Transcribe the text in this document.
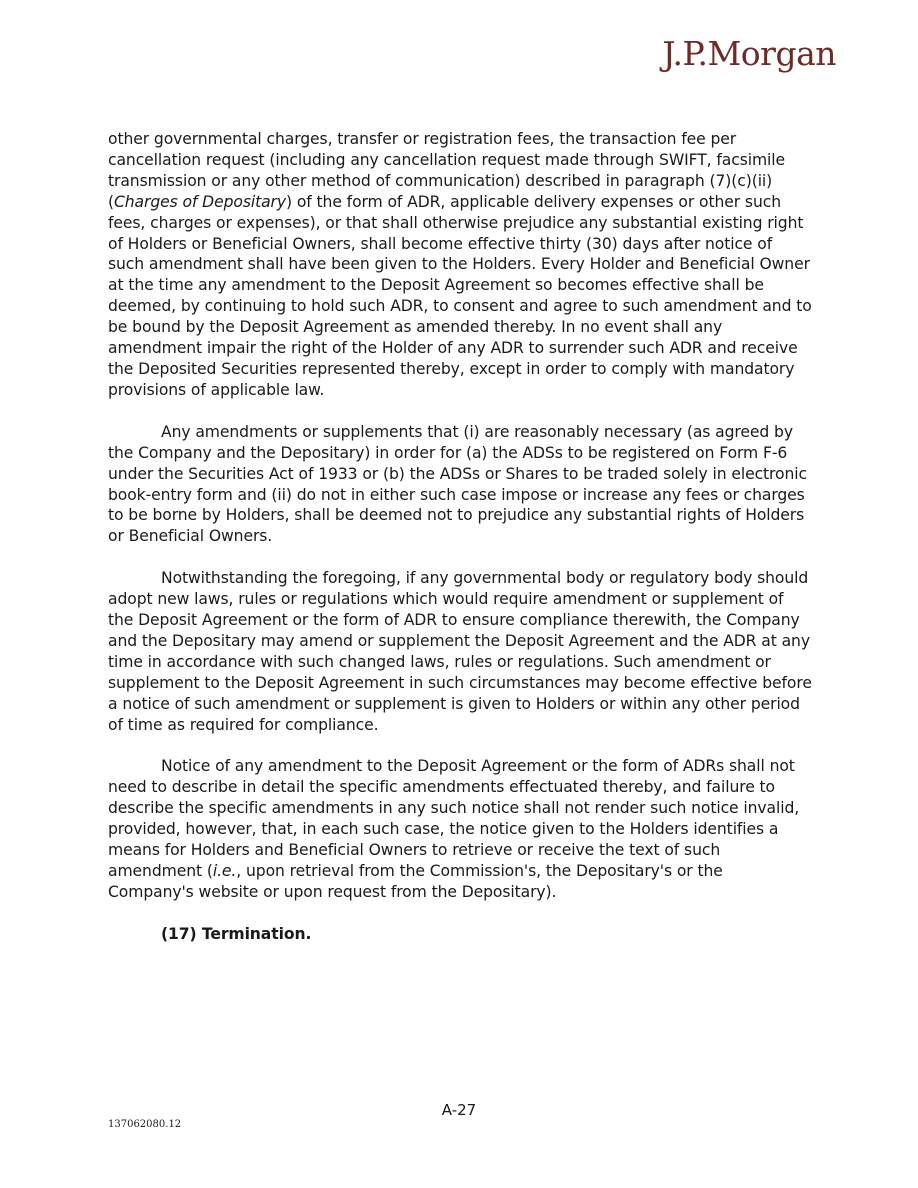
J.P.Morgan

other governmental charges, transfer or registration fees, the transaction fee per cancellation request (including any cancellation request made through SWIFT, facsimile transmission or any other method of communication) described in paragraph (7)(c)(ii) (Charges of Depositary) of the form of ADR, applicable delivery expenses or other such fees, charges or expenses), or that shall otherwise prejudice any substantial existing right of Holders or Beneficial Owners, shall become effective thirty (30) days after notice of such amendment shall have been given to the Holders. Every Holder and Beneficial Owner at the time any amendment to the Deposit Agreement so becomes effective shall be deemed, by continuing to hold such ADR, to consent and agree to such amendment and to be bound by the Deposit Agreement as amended thereby. In no event shall any amendment impair the right of the Holder of any ADR to surrender such ADR and receive the Deposited Securities represented thereby, except in order to comply with mandatory provisions of applicable law.

Any amendments or supplements that (i) are reasonably necessary (as agreed by the Company and the Depositary) in order for (a) the ADSs to be registered on Form F-6 under the Securities Act of 1933 or (b) the ADSs or Shares to be traded solely in electronic book-entry form and (ii) do not in either such case impose or increase any fees or charges to be borne by Holders, shall be deemed not to prejudice any substantial rights of Holders or Beneficial Owners.

Notwithstanding the foregoing, if any governmental body or regulatory body should adopt new laws, rules or regulations which would require amendment or supplement of the Deposit Agreement or the form of ADR to ensure compliance therewith, the Company and the Depositary may amend or supplement the Deposit Agreement and the ADR at any time in accordance with such changed laws, rules or regulations. Such amendment or supplement to the Deposit Agreement in such circumstances may become effective before a notice of such amendment or supplement is given to Holders or within any other period of time as required for compliance.

Notice of any amendment to the Deposit Agreement or the form of ADRs shall not need to describe in detail the specific amendments effectuated thereby, and failure to describe the specific amendments in any such notice shall not render such notice invalid, provided, however, that, in each such case, the notice given to the Holders identifies a means for Holders and Beneficial Owners to retrieve or receive the text of such amendment (i.e., upon retrieval from the Commission's, the Depositary's or the Company's website or upon request from the Depositary).

(17) Termination.

A-27
137062080.12
